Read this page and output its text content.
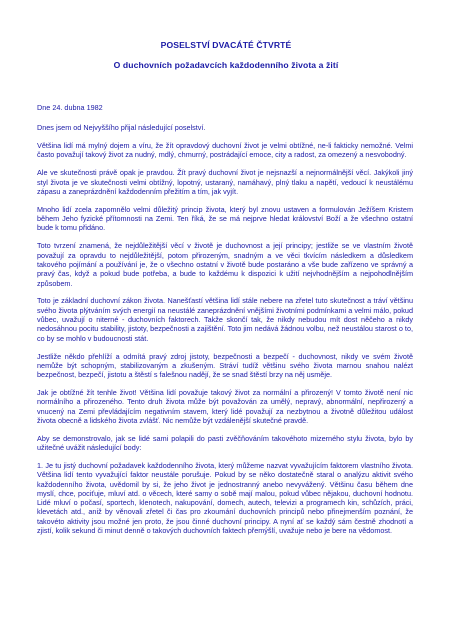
POSELSTVÍ DVACÁTÉ ČTVRTÉ
O duchovních požadavcích každodenního života a žití

Dne 24. dubna 1982

Dnes jsem od Nejvyššího přijal následující poselství.

Většina lidí má mylný dojem a víru, že žít opravdový duchovní život je velmi obtížné, ne-li fakticky nemožné. Velmi často považují takový život za nudný, mdlý, chmurný, postrádající emoce, city a radost, za omezený a nesvobodný.

Ale ve skutečnosti právě opak je pravdou. Žít pravý duchovní život je nejsnazší a nejnormálnější věcí. Jakýkoli jiný styl života je ve skutečnosti velmi obtížný, lopotný, ustaraný, namáhavý, plný tlaku a napětí, vedoucí k neustálému zápasu a zaneprázdnění každodenním přežitím a tím, jak vyjít.

Mnoho lidí zcela zapomnělo velmi důležitý princip života, který byl znovu ustaven a formulován Ježíšem Kristem během Jeho fyzické přítomnosti na Zemi. Ten říká, že se má nejprve hledat království Boží a že všechno ostatní bude k tomu přidáno.

Toto tvrzení znamená, že nejdůležitější věcí v životě je duchovnost a její principy; jestliže se ve vlastním životě považují za opravdu to nejdůležitější, potom přirozeným, snadným a ve věci tkvícím následkem a důsledkem takového pojímání a používání je, že o všechno ostatní v životě bude postaráno a vše bude zařízeno ve správný a pravý čas, když a pokud bude potřeba, a bude to každému k dispozici k užití nejvhodnějším a nejpohodlnějším způsobem.

Toto je základní duchovní zákon života. Nanešťastí většina lidí stále nebere na zřetel tuto skutečnost a tráví většinu svého života plýtváním svých energií na neustálé zaneprázdnění vnějšími životními podmínkami a velmi málo, pokud vůbec, uvažují o niterné - duchovních faktorech. Takže skončí tak, že nikdy nebudou mít dost něčeho a nikdy nedosáhnou pocitu stability, jistoty, bezpečnosti a zajištění. Toto jim nedává žádnou volbu, než neustálou starost o to, co by se mohlo v budoucnosti stát.

Jestliže někdo přehlíží a odmítá pravý zdroj jistoty, bezpečnosti a bezpečí - duchovnost, nikdy ve svém životě nemůže být schopným, stabilizovaným a zkušeným. Stráví tudíž většinu svého života marnou snahou nalézt bezpečnost, bezpečí, jistotu a štěstí s falešnou nadějí, že se snad štěstí brzy na něj usměje.

Jak je obtížné žít tenhle život! Většina lidí považuje takový život za normální a přirozený! V tomto životě není nic normálního a přirozeného. Tento druh života může být považován za umělý, nepravý, abnormální, nepřirozený a vnucený na Zemi převládajícím negativním stavem, který lidé považují za nezbytnou a životně důležitou událost života obecně a lidského života zvlášť. Nic nemůže být vzdálenější skutečné pravdě.

Aby se demonstrovalo, jak se lidé sami polapili do pasti zvěčňováním takovéhoto mizerného stylu života, bylo by užitečné uvážit následující body:

1. Je tu jistý duchovní požadavek každodenního života, který můžeme nazvat vyvažujícím faktorem vlastního života. Většina lidí tento vyvažující faktor neustále porušuje. Pokud by se něko dostatečně staral o analýzu aktivit svého každodenního života, uvědomil by si, že jeho život je jednostranný anebo nevyvážený. Většinu času během dne myslí, chce, pociťuje, mluví atd. o věcech, které samy o sobě mají malou, pokud vůbec nějakou, duchovní hodnotu. Lidé mluví o počasí, sportech, klenotech, nakupování, domech, autech, televizi a programech kin, schůzích, práci, klevetách atd., aniž by věnovali zřetel či čas pro zkoumání duchovních principů nebo přinejmenším poznání, že takovéto aktivity jsou možné jen proto, že jsou činné duchovní principy. A nyní ať se každý sám čestně zhodnotí a zjistí, kolik sekund či minut denně o takových duchovních faktech přemýšlí, uvažuje nebo je bere na vědomost.
